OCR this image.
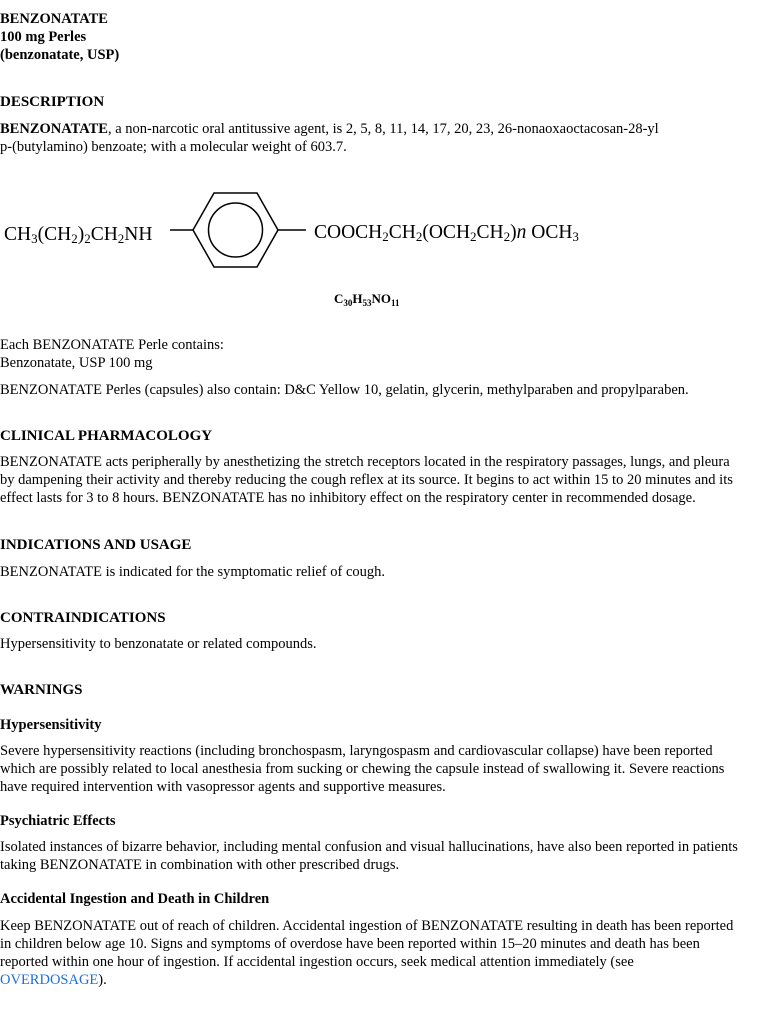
BENZONATATE

100 mg Perles

(benzonatate, USP)

DESCRIPTION

BENZONATATE, a non-narcotic oral antitussive agent, is 2, 5, 8, 11, 14, 17, 20, 23, 26-nonaoxaoctacosan-28-yl

p-(butylamino) benzoate; with a molecular weight of 603.7.

CH3(CH2)2CH2NH	COOCH2CH2(OCH2CH2)n OCH3
$C_{30}H_{53}NO_{11}$

Each BENZONATATE Perle contains:

Benzonatate, USP 100 mg

BENZONATATE Perles (capsules) also contain: D&C Yellow 10, gelatin, glycerin, methylparaben and propylparaben.
CLINICAL PHARMACOLOGY

BENZONATATE acts peripherally by anesthetizing the stretch receptors located in the respiratory passages, lungs, and pleura

by dampening their activity and thereby reducing the cough reflex at its source. It begins to act within 15 to 20 minutes and its

effect lasts for 3 to 8 hours. BENZONATATE has no inhibitory effect on the respiratory center in recommended dosage.

INDICATIONS AND USAGE
BENZONATATE is indicated for the symptomatic relief of cough.
CONTRAINDICATIONS
Hypersensitivity to benzonatate or related compounds.
WARNINGS
Hypersensitivity

Severe hypersensitivity reactions (including bronchospasm, laryngospasm and cardiovascular collapse) have been reported

which are possibly related to local anesthesia from sucking or chewing the capsule instead of swallowing it. Severe reactions

have required intervention with vasopressor agents and supportive measures.

Psychiatric Effects

Isolated instances of bizarre behavior, including mental confusion and visual hallucinations, have also been reported in patients

taking BENZONATATE in combination with other prescribed drugs.

Accidental Ingestion and Death in Children

Keep BENZONATATE out of reach of children. Accidental ingestion of BENZONATATE resulting in death has been reported

in children below age 10. Signs and symptoms of overdose have been reported within 15–20 minutes and death has been

reported within one hour of ingestion. If accidental ingestion occurs, seek medical attention immediately (see

OVERDOSAGE).
